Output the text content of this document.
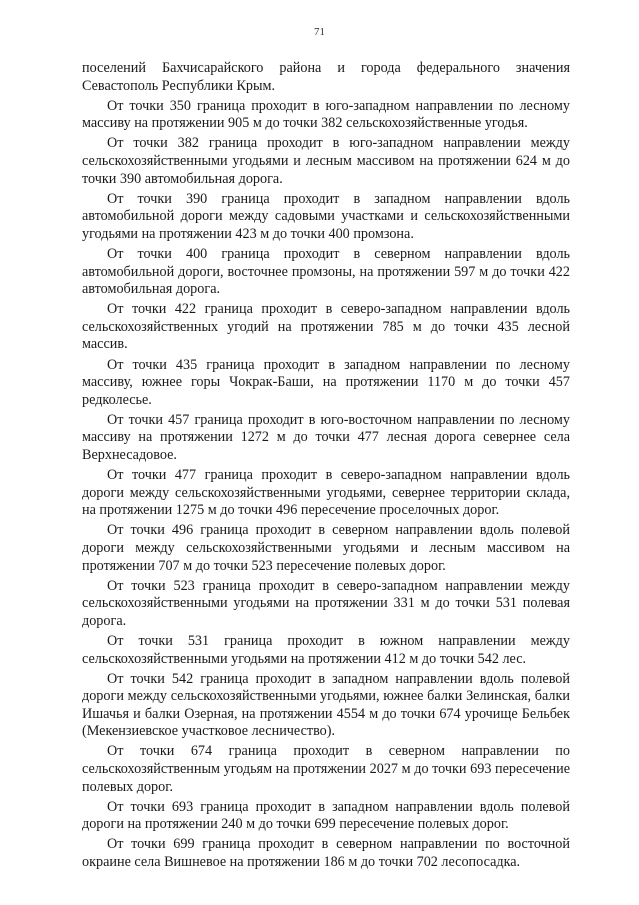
71

поселений Бахчисарайского района и города федерального значения Севастополь Республики Крым.

От точки 350 граница проходит в юго-западном направлении по лесному массиву на протяжении 905 м до точки 382 сельскохозяйственные угодья.

От точки 382 граница проходит в юго-западном направлении между сельскохозяйственными угодьями и лесным массивом на протяжении 624 м до точки 390 автомобильная дорога.

От точки 390 граница проходит в западном направлении вдоль автомобильной дороги между садовыми участками и сельскохозяйственными угодьями на протяжении 423 м до точки 400 промзона.

От точки 400 граница проходит в северном направлении вдоль автомобильной дороги, восточнее промзоны, на протяжении 597 м до точки 422 автомобильная дорога.

От точки 422 граница проходит в северо-западном направлении вдоль сельскохозяйственных угодий на протяжении 785 м до точки 435 лесной массив.

От точки 435 граница проходит в западном направлении по лесному массиву, южнее горы Чокрак-Баши, на протяжении 1170 м до точки 457 редколесье.

От точки 457 граница проходит в юго-восточном направлении по лесному массиву на протяжении 1272 м до точки 477 лесная дорога севернее села Верхнесадовое.

От точки 477 граница проходит в северо-западном направлении вдоль дороги между сельскохозяйственными угодьями, севернее территории склада, на протяжении 1275 м до точки 496 пересечение проселочных дорог.

От точки 496 граница проходит в северном направлении вдоль полевой дороги между сельскохозяйственными угодьями и лесным массивом на протяжении 707 м до точки 523 пересечение полевых дорог.

От точки 523 граница проходит в северо-западном направлении между сельскохозяйственными угодьями на протяжении 331 м до точки 531 полевая дорога.

От точки 531 граница проходит в южном направлении между сельскохозяйственными угодьями на протяжении 412 м до точки 542 лес.

От точки 542 граница проходит в западном направлении вдоль полевой дороги между сельскохозяйственными угодьями, южнее балки Зелинская, балки Ишачья и балки Озерная, на протяжении 4554 м до точки 674 урочище Бельбек (Мекензиевское участковое лесничество).

От точки 674 граница проходит в северном направлении по сельскохозяйственным угодьям на протяжении 2027 м до точки 693 пересечение полевых дорог.

От точки 693 граница проходит в западном направлении вдоль полевой дороги на протяжении 240 м до точки 699 пересечение полевых дорог.

От точки 699 граница проходит в северном направлении по восточной окраине села Вишневое на протяжении 186 м до точки 702 лесопосадка.
